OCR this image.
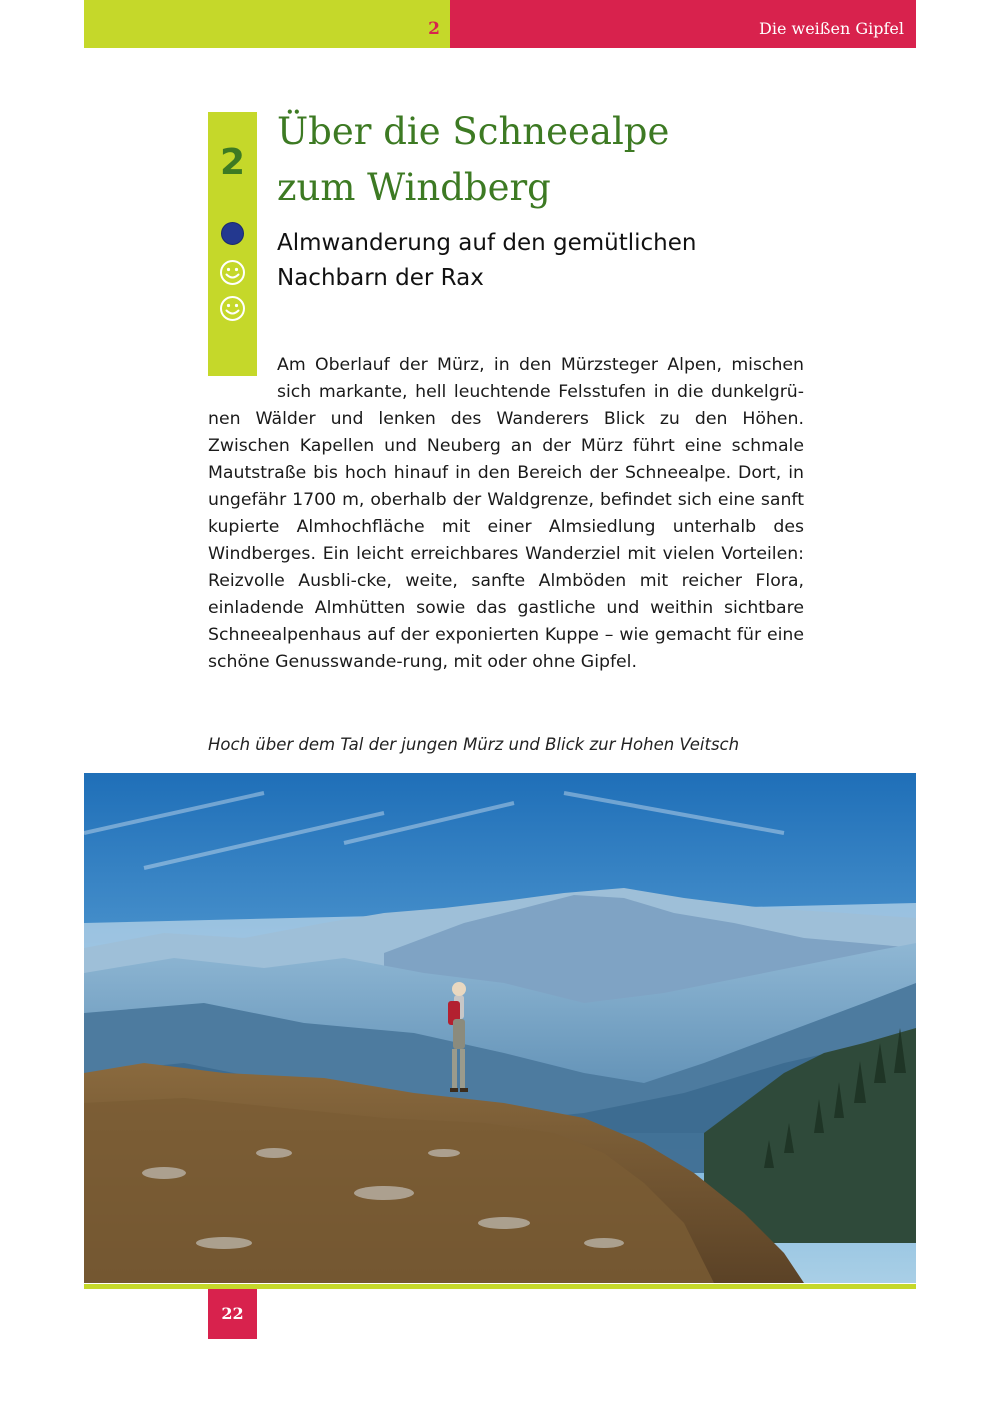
2	Die weißen Gipfel
2
Über die Schneealpe
zum Windberg
Almwanderung auf den gemütlichen
Nachbarn der Rax

Am Oberlauf der Mürz, in den Mürzsteger Alpen, mischen
sich markante, hell leuchtende Felsstufen in die dunkelgrü-
nen Wälder und lenken des Wanderers Blick zu den Höhen. Zwischen Kapellen und Neuberg an der Mürz führt eine schmale Mautstraße bis hoch hinauf in den Bereich der Schneealpe. Dort, in ungefähr 1700 m, oberhalb der Waldgrenze, befindet sich eine sanft kupierte Almhochfläche mit einer Almsiedlung unterhalb des Windberges. Ein leicht erreichbares Wanderziel mit vielen Vorteilen: Reizvolle Ausbli-cke, weite, sanfte Almböden mit reicher Flora, einladende Almhütten sowie das gastliche und weithin sichtbare Schneealpenhaus auf der exponierten Kuppe – wie gemacht für eine schöne Genusswande-rung, mit oder ohne Gipfel.

Hoch über dem Tal der jungen Mürz und Blick zur Hohen Veitsch

22
